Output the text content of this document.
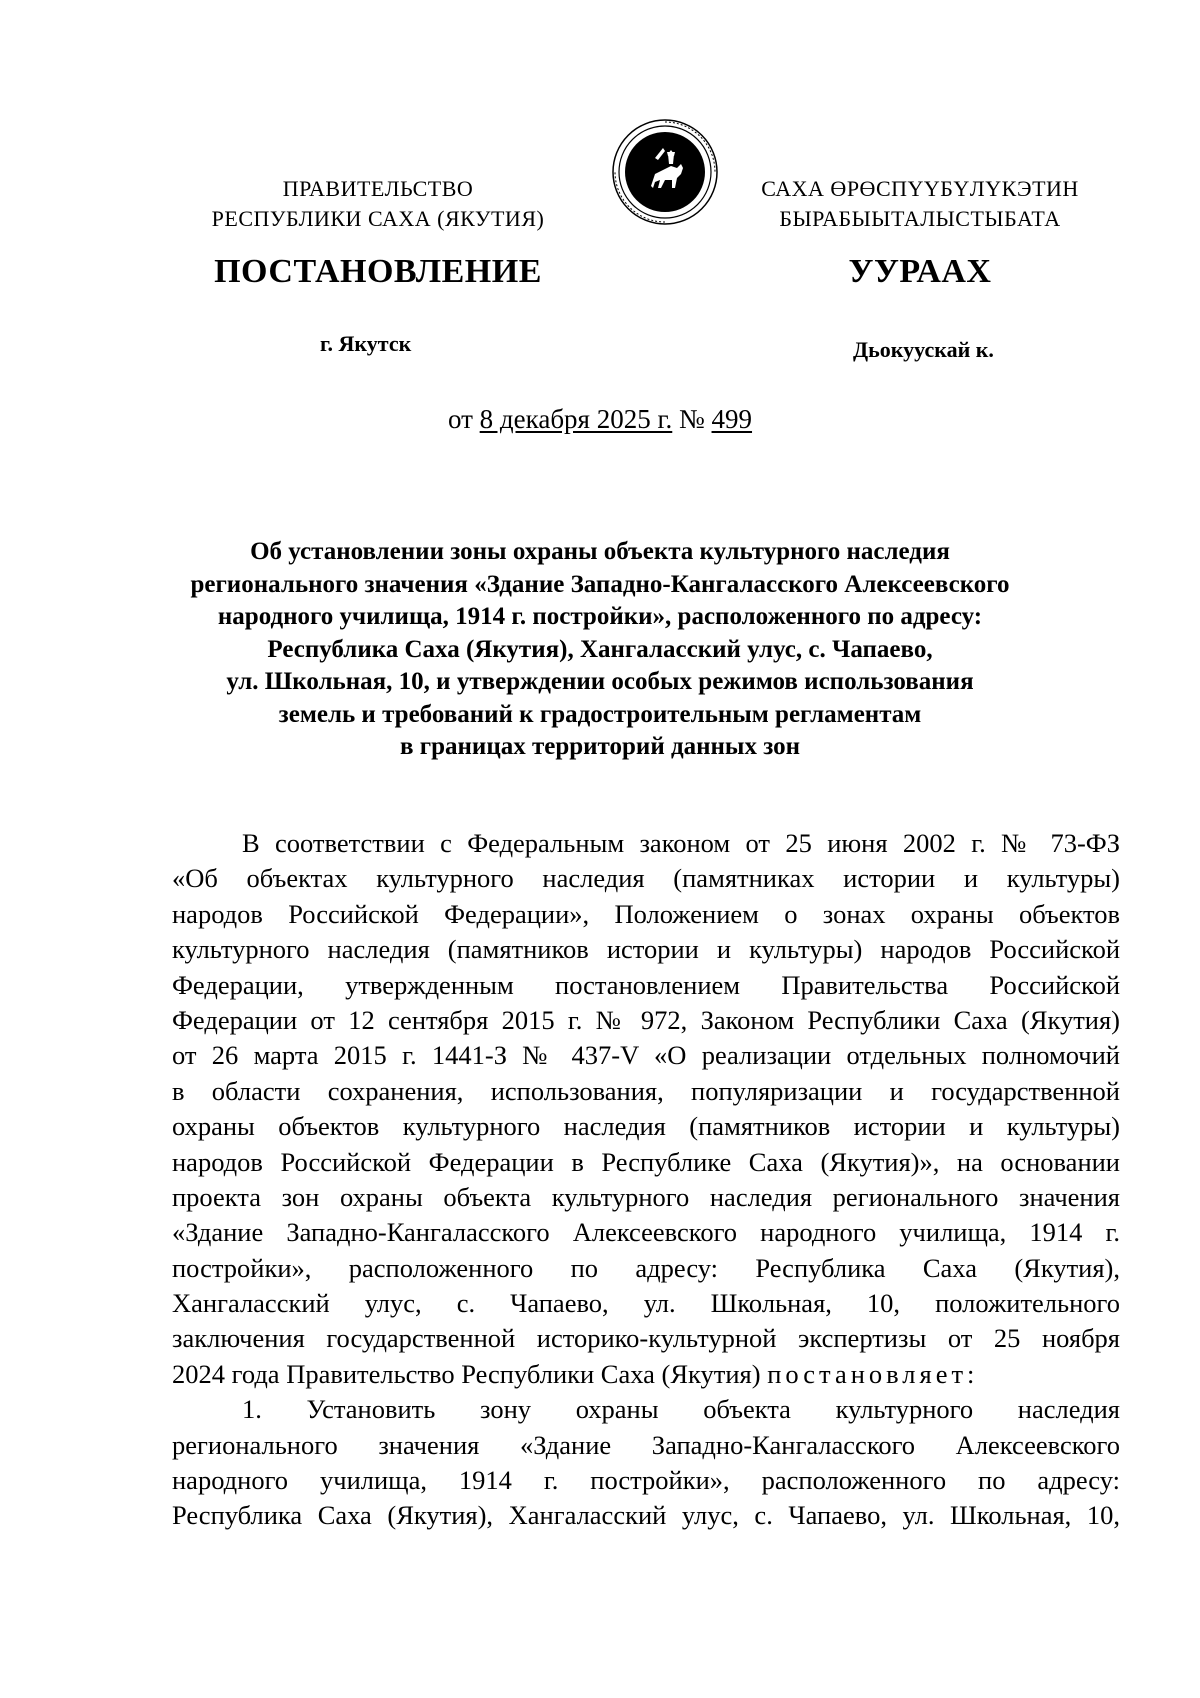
ПРАВИТЕЛЬСТВО
РЕСПУБЛИКИ САХА (ЯКУТИЯ)
САХА ӨРӨСПҮҮБҮЛҮКЭТИН
БЫРАБЫЫТАЛЫСТЫБАТА
ПОСТАНОВЛЕНИЕ	УУРААХ
г. Якутск	Дьокуускай к.
от 8 декабря 2025 г. № 499
Об установлении зоны охраны объекта культурного наследия
регионального значения «Здание Западно-Кангаласского Алексеевского
народного училища, 1914 г. постройки», расположенного по адресу:
Республика Саха (Якутия), Хангаласский улус, с. Чапаево,
ул. Школьная, 10, и утверждении особых режимов использования
земель и требований к градостроительным регламентам
в границах территорий данных зон
В соответствии с Федеральным законом от 25 июня 2002 г. № 73-ФЗ
«Об объектах культурного наследия (памятниках истории и культуры)
народов Российской Федерации», Положением о зонах охраны объектов
культурного наследия (памятников истории и культуры) народов Российской
Федерации, утвержденным постановлением Правительства Российской
Федерации от 12 сентября 2015 г. № 972, Законом Республики Саха (Якутия)
от 26 марта 2015 г. 1441-З № 437-V «О реализации отдельных полномочий
в области сохранения, использования, популяризации и государственной
охраны объектов культурного наследия (памятников истории и культуры)
народов Российской Федерации в Республике Саха (Якутия)», на основании
проекта зон охраны объекта культурного наследия регионального значения
«Здание Западно-Кангаласского Алексеевского народного училища, 1914 г.
постройки», расположенного по адресу: Республика Саха (Якутия),
Хангаласский улус, с. Чапаево, ул. Школьная, 10, положительного
заключения государственной историко-культурной экспертизы от 25 ноября
2024 года Правительство Республики Саха (Якутия) постановляет:
1. Установить зону охраны объекта культурного наследия
регионального значения «Здание Западно-Кангаласского Алексеевского
народного училища, 1914 г. постройки», расположенного по адресу:
Республика Саха (Якутия), Хангаласский улус, с. Чапаево, ул. Школьная, 10,
